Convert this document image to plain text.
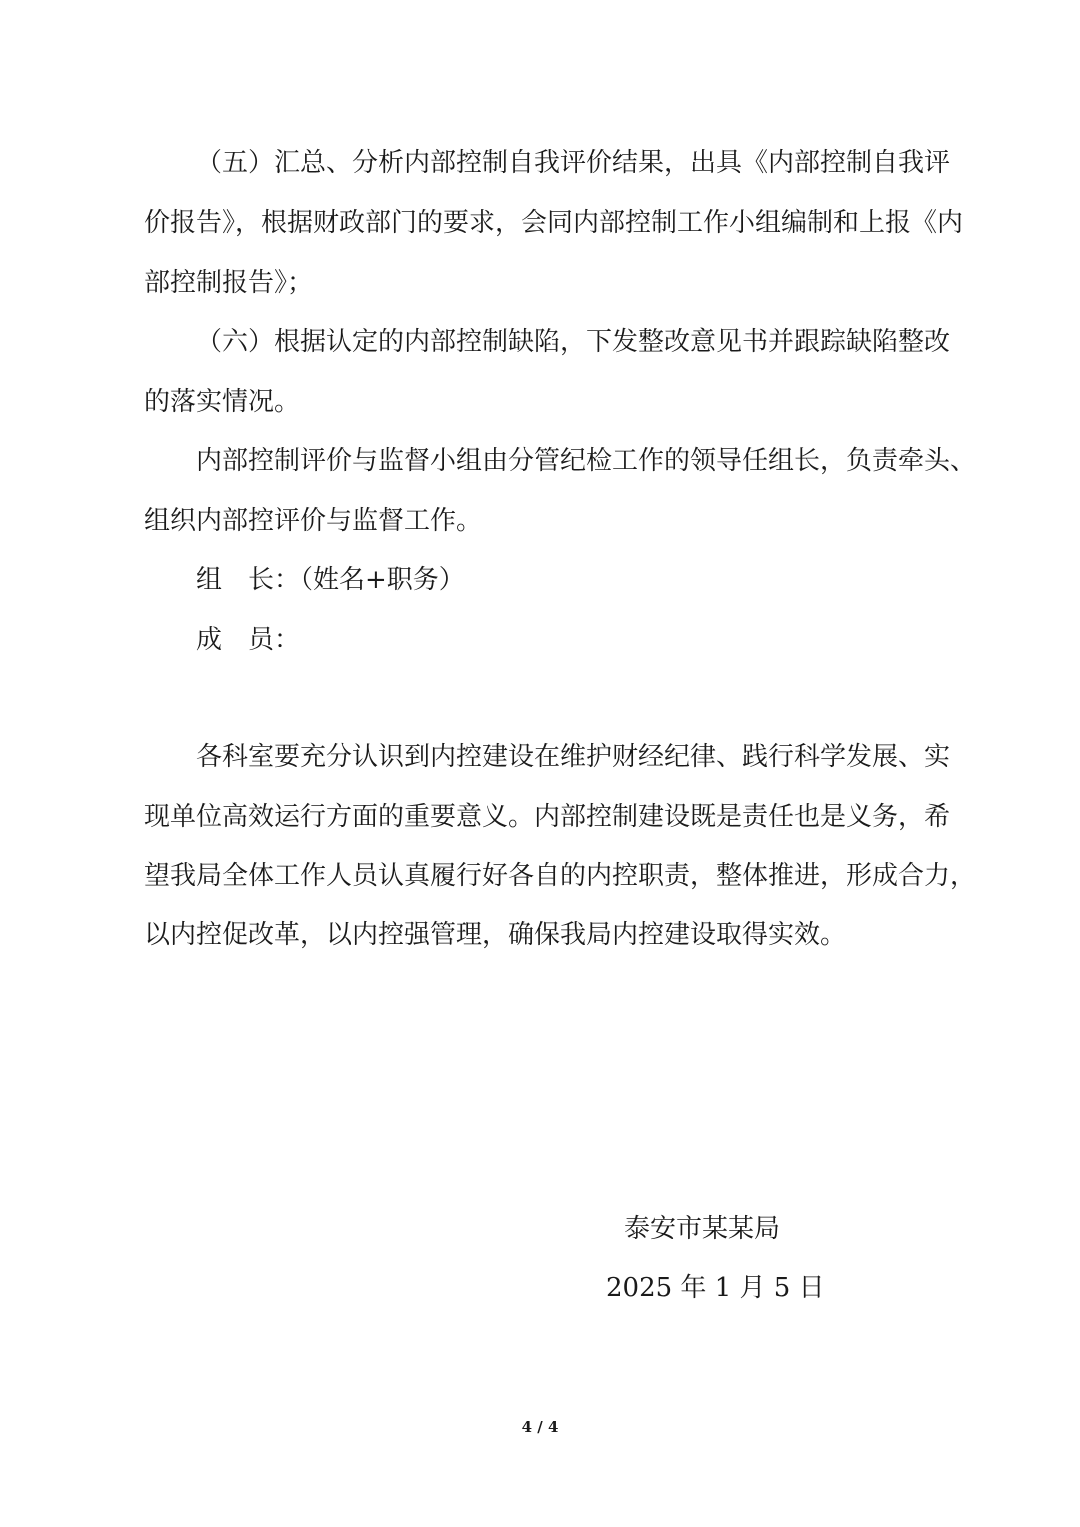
（五）汇总、分析内部控制自我评价结果，出具《内部控制自我评
价报告》，根据财政部门的要求，会同内部控制工作小组编制和上报《内
部控制报告》；
（六）根据认定的内部控制缺陷，下发整改意见书并跟踪缺陷整改
的落实情况。
内部控制评价与监督小组由分管纪检工作的领导任组长，负责牵头、
组织内部控评价与监督工作。
组　长：（姓名+职务）
成　员：
各科室要充分认识到内控建设在维护财经纪律、践行科学发展、实
现单位高效运行方面的重要意义。内部控制建设既是责任也是义务，希
望我局全体工作人员认真履行好各自的内控职责，整体推进，形成合力，
以内控促改革，以内控强管理，确保我局内控建设取得实效。
泰安市某某局
2025 年 1 月 5 日
4 / 4
